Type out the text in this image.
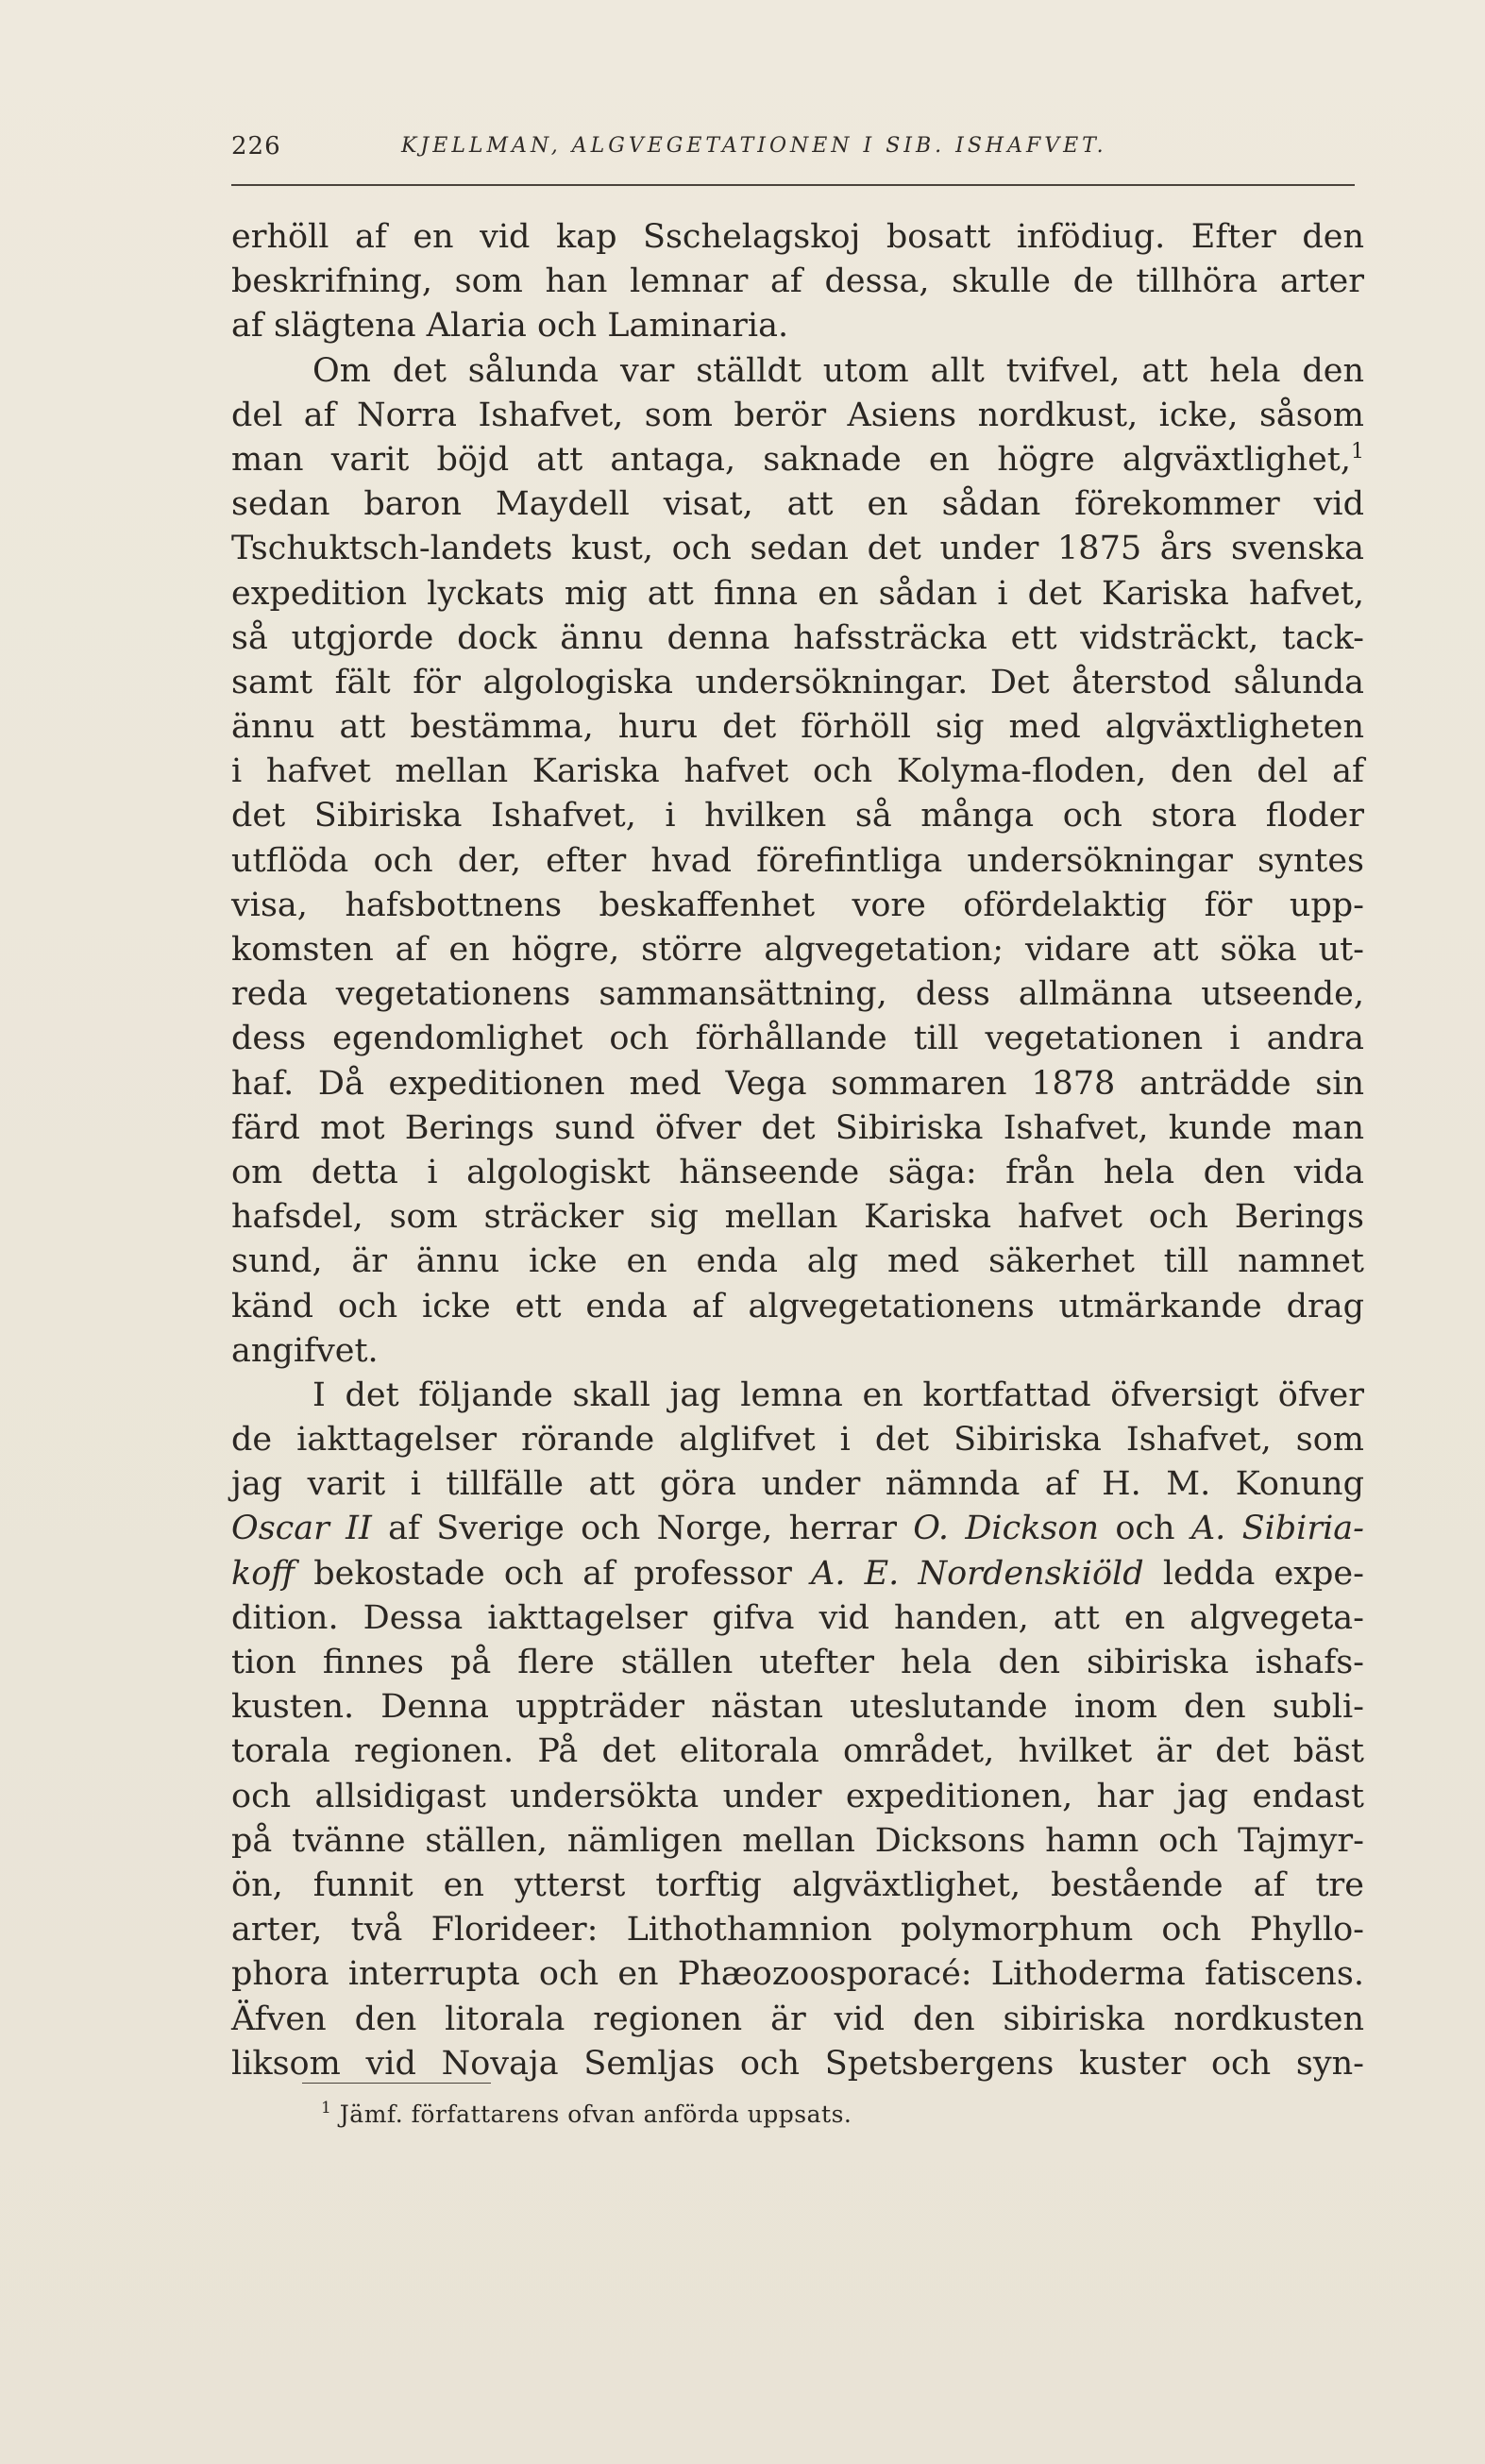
226	KJELLMAN, ALGVEGETATIONEN I SIB. ISHAFVET.
erhöll af en vid kap Sschelagskoj bosatt infödiug. Efter den
beskrifning, som han lemnar af dessa, skulle de tillhöra arter
af slägtena Alaria och Laminaria.
Om det sålunda var ställdt utom allt tvifvel, att hela den
del af Norra Ishafvet, som berör Asiens nordkust, icke, såsom
man varit böjd att antaga, saknade en högre algväxtlighet,$^1$
sedan baron Maydell visat, att en sådan förekommer vid
Tschuktsch-landets kust, och sedan det under 1875 års svenska
expedition lyckats mig att finna en sådan i det Kariska hafvet,
så utgjorde dock ännu denna hafssträcka ett vidsträckt, tack-
samt fält för algologiska undersökningar. Det återstod sålunda
ännu att bestämma, huru det förhöll sig med algväxtligheten
i hafvet mellan Kariska hafvet och Kolyma-floden, den del af
det Sibiriska Ishafvet, i hvilken så många och stora floder
utflöda och der, efter hvad förefintliga undersökningar syntes
visa, hafsbottnens beskaffenhet vore ofördelaktig för upp-
komsten af en högre, större algvegetation; vidare att söka ut-
reda vegetationens sammansättning, dess allmänna utseende,
dess egendomlighet och förhållande till vegetationen i andra
haf. Då expeditionen med Vega sommaren 1878 anträdde sin
färd mot Berings sund öfver det Sibiriska Ishafvet, kunde man
om detta i algologiskt hänseende säga: från hela den vida
hafsdel, som sträcker sig mellan Kariska hafvet och Berings
sund, är ännu icke en enda alg med säkerhet till namnet
känd och icke ett enda af algvegetationens utmärkande drag
angifvet.
I det följande skall jag lemna en kortfattad öfversigt öfver
de iakttagelser rörande alglifvet i det Sibiriska Ishafvet, som
jag varit i tillfälle att göra under nämnda af H. M. Konung
Oscar II af Sverige och Norge, herrar O. Dickson och A. Sibiria-
koff bekostade och af professor A. E. Nordenskiöld ledda expe-
dition. Dessa iakttagelser gifva vid handen, att en algvegeta-
tion finnes på flere ställen utefter hela den sibiriska ishafs-
kusten. Denna uppträder nästan uteslutande inom den subli-
torala regionen. På det elitorala området, hvilket är det bäst
och allsidigast undersökta under expeditionen, har jag endast
på tvänne ställen, nämligen mellan Dicksons hamn och Tajmyr-
ön, funnit en ytterst torftig algväxtlighet, bestående af tre
arter, två Florideer: Lithothamnion polymorphum och Phyllo-
phora interrupta och en Phæozoosporacé: Lithoderma fatiscens.
Äfven den litorala regionen är vid den sibiriska nordkusten
liksom vid Novaja Semljas och Spetsbergens kuster och syn-
$^1$ Jämf. författarens ofvan anförda uppsats.
